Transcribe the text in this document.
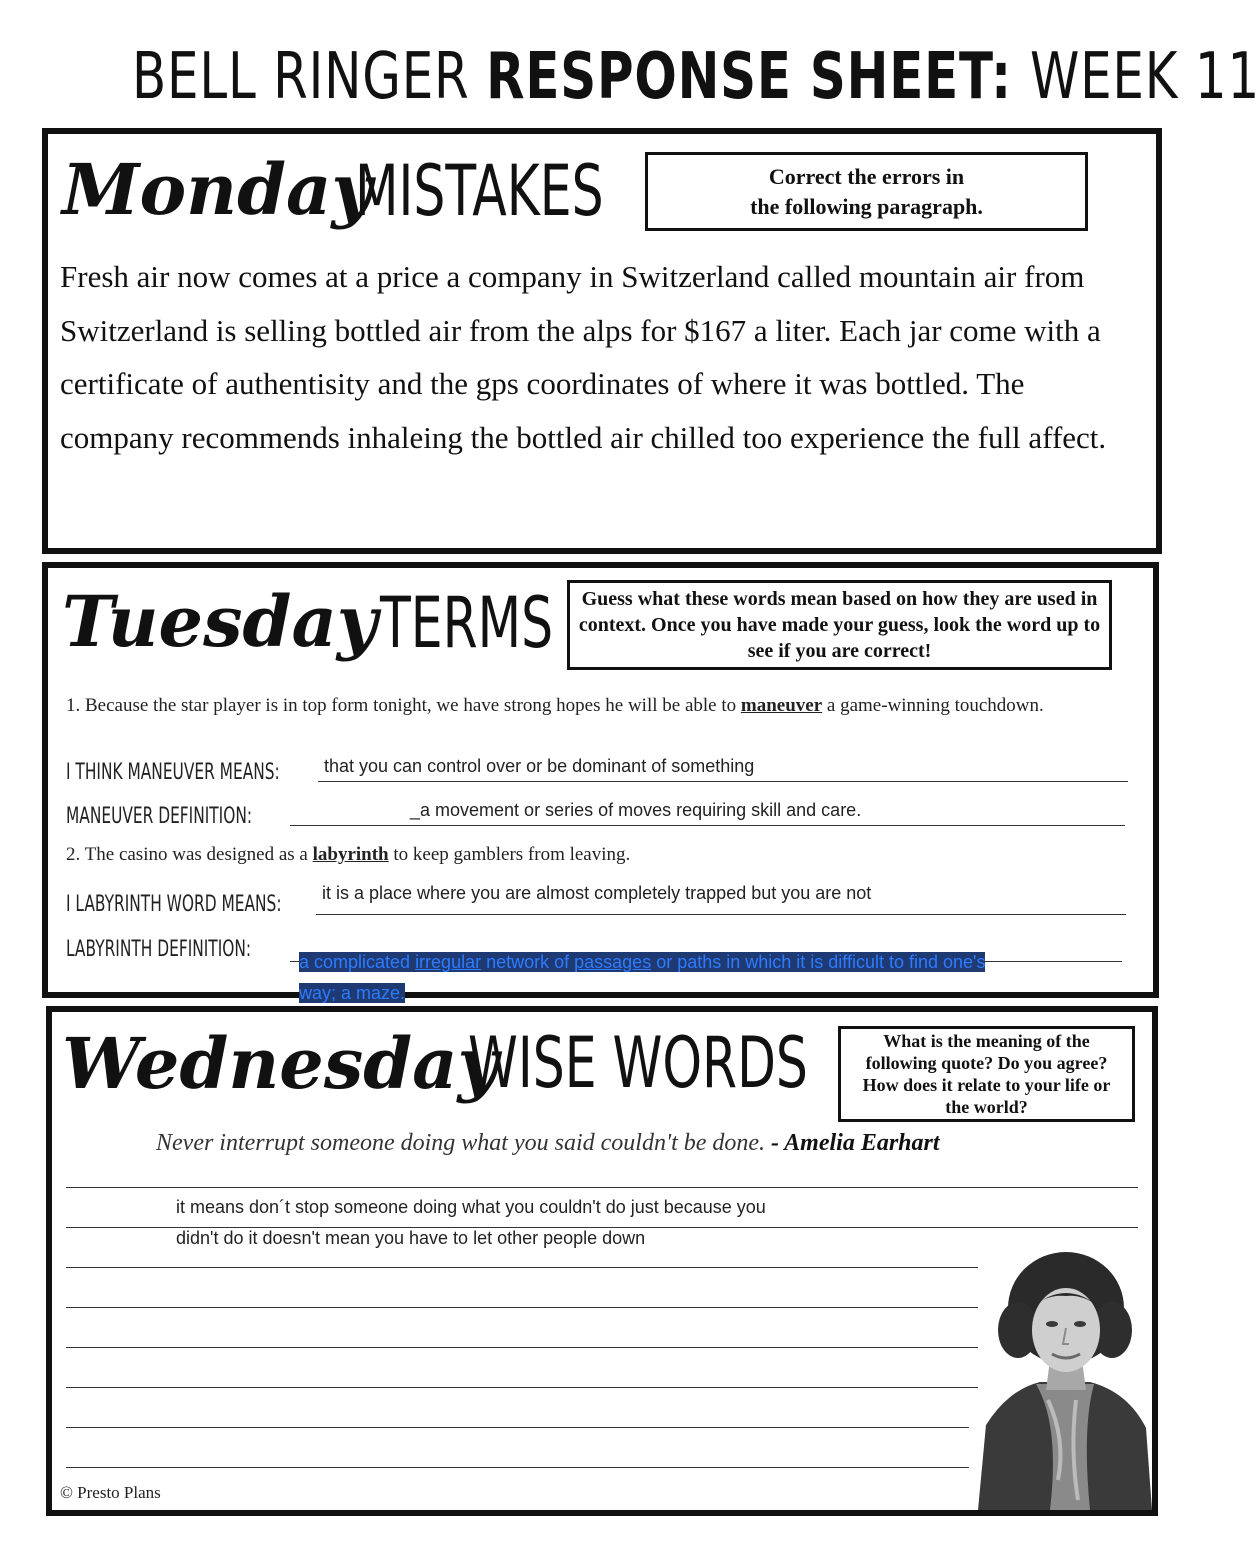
BELL RINGER RESPONSE SHEET: WEEK 11
Monday
MISTAKES	Correct the errors in
the following paragraph.
Fresh air now comes at a price a company in Switzerland called mountain air from Switzerland is selling bottled air from the alps for $167 a liter. Each jar come with a certificate of authentisity and the gps coordinates of where it was bottled. The company recommends inhaleing the bottled air chilled too experience the full affect.
Tuesday TERMS	Guess what these words mean based on how they are used in context. Once you have made your guess, look the word up to see if you are correct!
1. Because the star player is in top form tonight, we have strong hopes he will be able to maneuver a game-winning touchdown.
I THINK MANEUVER MEANS: that you can control over or be dominant of something
MANEUVER DEFINITION:	_a movement or series of moves requiring skill and care.
2. The casino was designed as a labyrinth to keep gamblers from leaving.
I LABYRINTH WORD MEANS: it is a place where you are almost completely trapped but you are not
LABYRINTH DEFINITION:	a complicated irregular network of passages or paths in which it is difficult to find one's
way; a maze.
Wednesday
WISE WORDS	What is the meaning of the following quote? Do you agree? How does it relate to your life or the world?
Never interrupt someone doing what you said couldn't be done. - Amelia Earhart
it means don´t stop someone doing what you couldn't do just because you
didn't do it doesn't mean you have to let other people down
© Presto Plans
